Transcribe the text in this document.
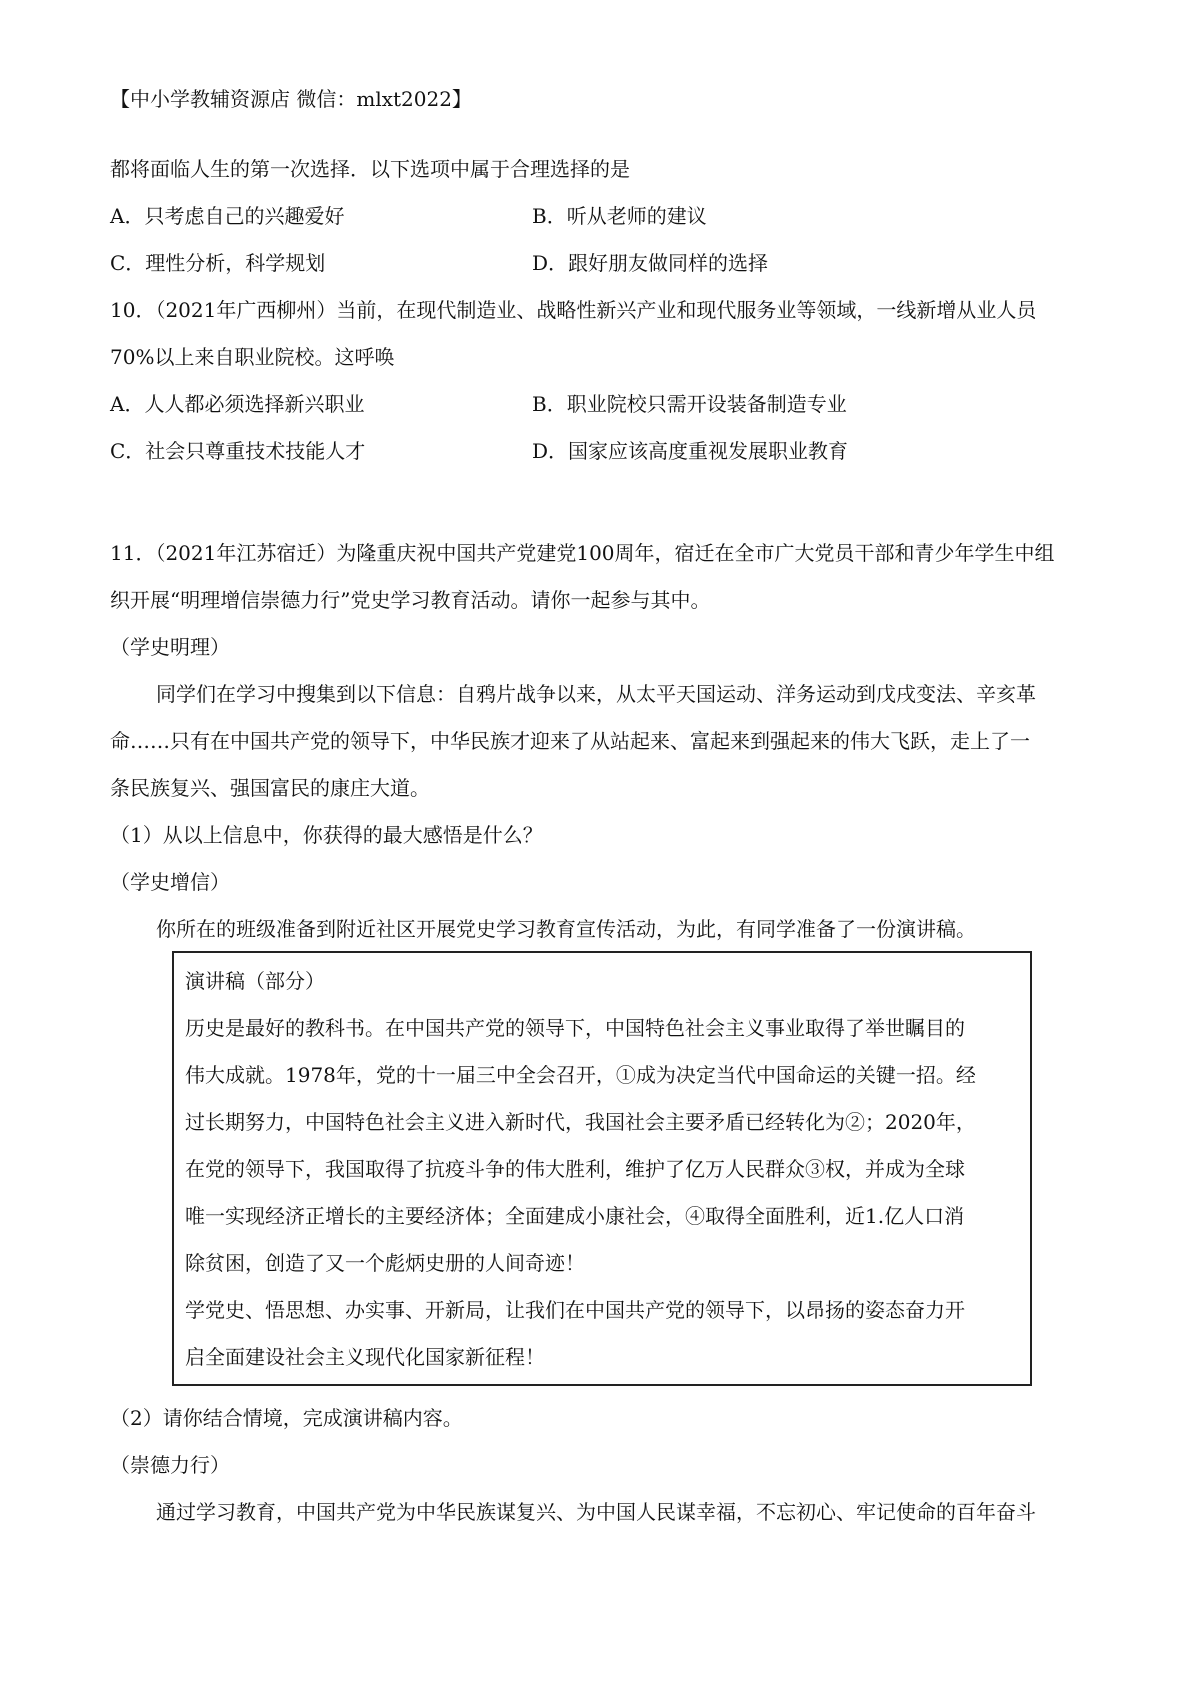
【中小学教辅资源店 微信：mlxt2022】
都将面临人生的第一次选择．以下选项中属于合理选择的是
A．只考虑自己的兴趣爱好	B．听从老师的建议
C．理性分析，科学规划	D．跟好朋友做同样的选择
10．（2021年广西柳州）当前，在现代制造业、战略性新兴产业和现代服务业等领域，一线新增从业人员
70%以上来自职业院校。这呼唤
A．人人都必须选择新兴职业	B．职业院校只需开设装备制造专业
C．社会只尊重技术技能人才	D．国家应该高度重视发展职业教育
11．（2021年江苏宿迁）为隆重庆祝中国共产党建党100周年，宿迁在全市广大党员干部和青少年学生中组
织开展“明理增信崇德力行”党史学习教育活动。请你一起参与其中。
（学史明理）
同学们在学习中搜集到以下信息：自鸦片战争以来，从太平天国运动、洋务运动到戊戌变法、辛亥革
命……只有在中国共产党的领导下，中华民族才迎来了从站起来、富起来到强起来的伟大飞跃，走上了一
条民族复兴、强国富民的康庄大道。
（1）从以上信息中，你获得的最大感悟是什么？
（学史增信）
你所在的班级准备到附近社区开展党史学习教育宣传活动，为此，有同学准备了一份演讲稿。
演讲稿（部分）
历史是最好的教科书。在中国共产党的领导下，中国特色社会主义事业取得了举世瞩目的
伟大成就。1978年，党的十一届三中全会召开，①成为决定当代中国命运的关键一招。经
过长期努力，中国特色社会主义进入新时代，我国社会主要矛盾已经转化为②；2020年，
在党的领导下，我国取得了抗疫斗争的伟大胜利，维护了亿万人民群众③权，并成为全球
唯一实现经济正增长的主要经济体；全面建成小康社会，④取得全面胜利，近1.亿人口消
除贫困，创造了又一个彪炳史册的人间奇迹！
学党史、悟思想、办实事、开新局，让我们在中国共产党的领导下，以昂扬的姿态奋力开
启全面建设社会主义现代化国家新征程！
（2）请你结合情境，完成演讲稿内容。
（崇德力行）
通过学习教育，中国共产党为中华民族谋复兴、为中国人民谋幸福，不忘初心、牢记使命的百年奋斗
